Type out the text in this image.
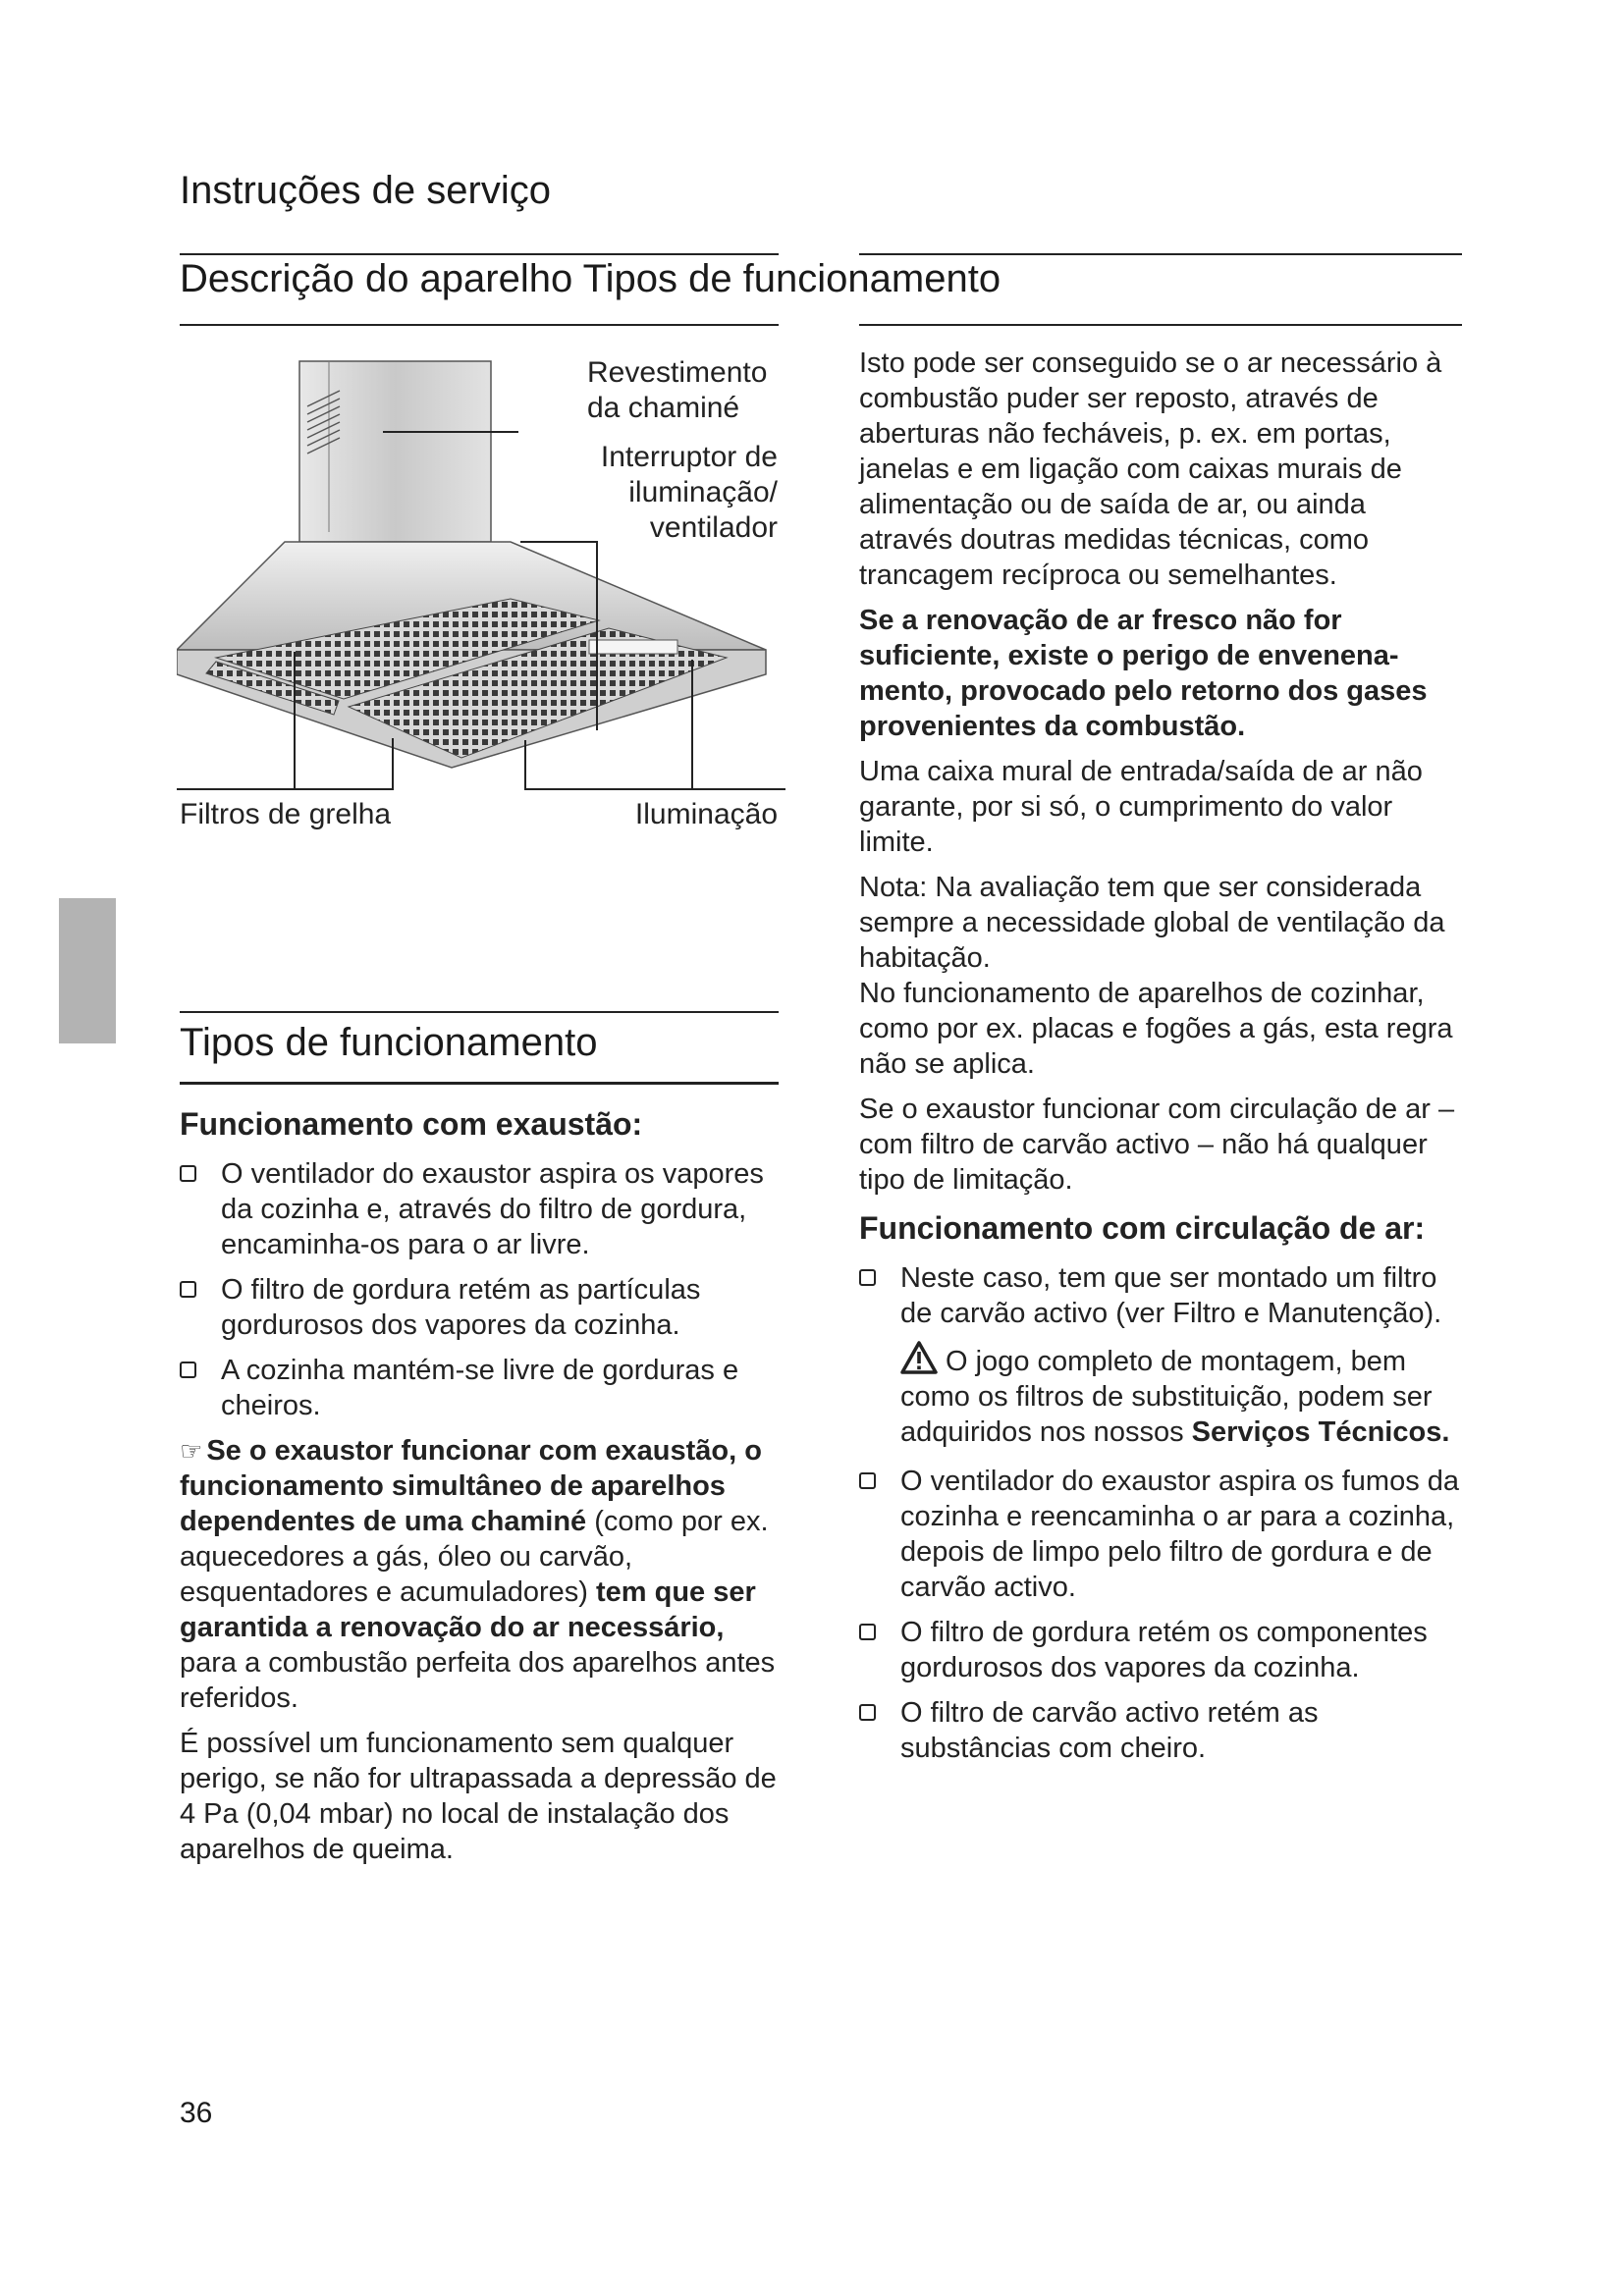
Instruções de serviço
Descrição do aparelho Tipos de funcionamento
Revestimento
da chaminé
Interruptor de
iluminação/
ventilador
Filtros de grelha	Iluminação
Tipos de funcionamento
Funcionamento com exaustão:
O ventilador do exaustor aspira os vapores da cozinha e, através do filtro de gordura, encaminha-os para o ar livre.
O filtro de gordura retém as partículas gordurosos dos vapores da cozinha.
A cozinha mantém-se livre de gorduras e cheiros.

☞ Se o exaustor funcionar com exaustão, o funcionamento simultâneo de aparelhos dependentes de uma chaminé (como por ex. aquecedores a gás, óleo ou carvão, esquentadores e acumuladores) tem que ser garantida a renovação do ar necessário, para a combustão perfeita dos aparelhos antes referidos.

É possível um funcionamento sem qualquer perigo, se não for ultrapassada a depressão de 4 Pa (0,04 mbar) no local de instalação dos aparelhos de queima.

Isto pode ser conseguido se o ar necessário à combustão puder ser reposto, através de aberturas não fecháveis, p. ex. em portas, janelas e em ligação com caixas murais de alimentação ou de saída de ar, ou ainda através doutras medidas técnicas, como trancagem recíproca ou semelhantes.

Se a renovação de ar fresco não for suficiente, existe o perigo de envenena-mento, provocado pelo retorno dos gases provenientes da combustão.

Uma caixa mural de entrada/saída de ar não garante, por si só, o cumprimento do valor limite.

Nota: Na avaliação tem que ser considerada sempre a necessidade global de ventilação da habitação.

No funcionamento de aparelhos de cozinhar, como por ex. placas e fogões a gás, esta regra não se aplica.

Se o exaustor funcionar com circulação de ar – com filtro de carvão activo – não há qualquer tipo de limitação.

Funcionamento com circulação de ar:
Neste caso, tem que ser montado um filtro de carvão activo (ver Filtro e Manutenção).
O jogo completo de montagem, bem como os filtros de substituição, podem ser adquiridos nos nossos Serviços Técnicos.
O ventilador do exaustor aspira os fumos da cozinha e reencaminha o ar para a cozinha, depois de limpo pelo filtro de gordura e de carvão activo.
O filtro de gordura retém os componentes gordurosos dos vapores da cozinha.
O filtro de carvão activo retém as substâncias com cheiro.
36
